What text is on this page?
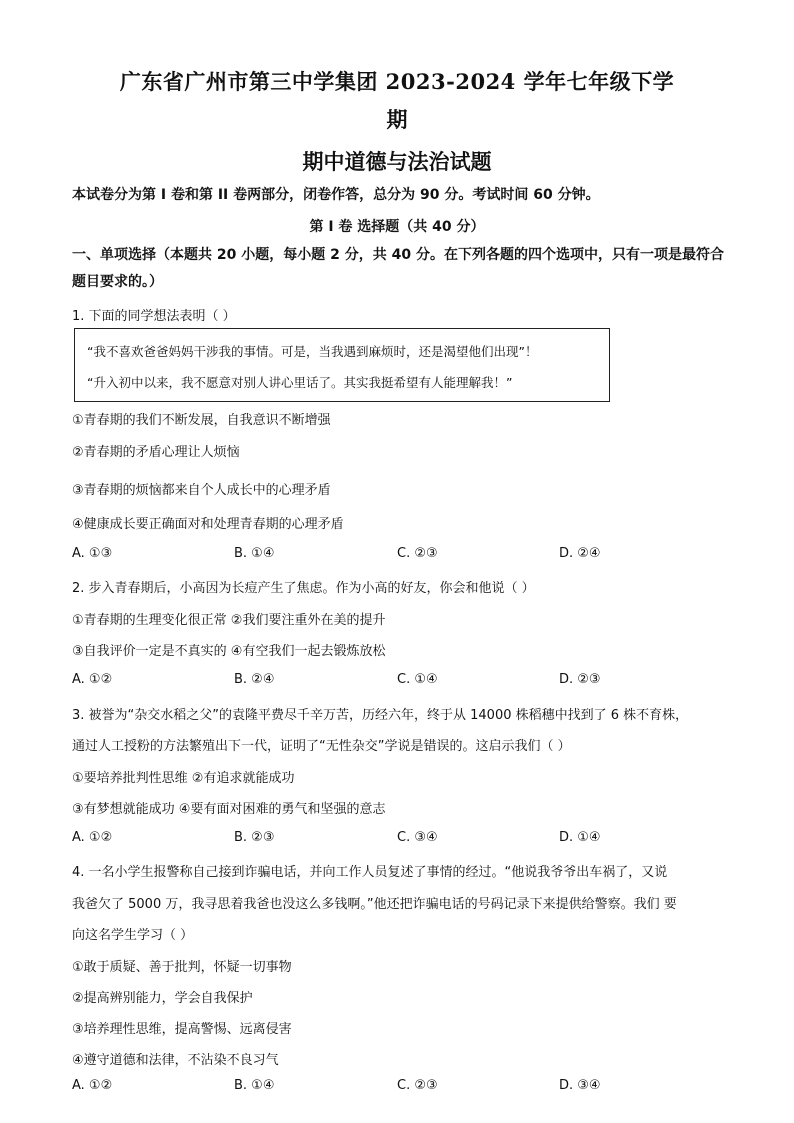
广东省广州市第三中学集团 2023-2024 学年七年级下学
期
期中道德与法治试题
本试卷分为第 I 卷和第 II 卷两部分，闭卷作答，总分为 90 分。考试时间 60 分钟。
第 I 卷 选择题（共 40 分）
一、单项选择（本题共 20 小题，每小题 2 分，共 40 分。在下列各题的四个选项中，只有一项是最符合题目要求的。）
1. 下面的同学想法表明（ ）
“我不喜欢爸爸妈妈干涉我的事情。可是，当我遇到麻烦时，还是渴望他们出现”！
“升入初中以来，我不愿意对别人讲心里话了。其实我挺希望有人能理解我！”
①青春期的我们不断发展，自我意识不断增强
②青春期的矛盾心理让人烦恼
③青春期的烦恼都来自个人成长中的心理矛盾
④健康成长要正确面对和处理青春期的心理矛盾
A. ①③	B. ①④	C. ②③	D. ②④
2. 步入青春期后，小高因为长痘产生了焦虑。作为小高的好友，你会和他说（ ）
①青春期的生理变化很正常 ②我们要注重外在美的提升
③自我评价一定是不真实的 ④有空我们一起去锻炼放松
A. ①②	B. ②④	C. ①④	D. ②③
3. 被誉为“杂交水稻之父”的袁隆平费尽千辛万苦，历经六年，终于从 14000 株稻穗中找到了 6 株不育株，
通过人工授粉的方法繁殖出下一代，证明了“无性杂交”学说是错误的。这启示我们（ ）
①要培养批判性思维 ②有追求就能成功
③有梦想就能成功 ④要有面对困难的勇气和坚强的意志
A. ①②	B. ②③	C. ③④	D. ①④
4. 一名小学生报警称自己接到诈骗电话，并向工作人员复述了事情的经过。“他说我爷爷出车祸了，又说
我爸欠了 5000 万，我寻思着我爸也没这么多钱啊。”他还把诈骗电话的号码记录下来提供给警察。我们 要
向这名学生学习（ ）
①敢于质疑、善于批判，怀疑一切事物
②提高辨别能力，学会自我保护
③培养理性思维，提高警惕、远离侵害
④遵守道德和法律，不沾染不良习气
A. ①②	B. ①④	C. ②③	D. ③④
